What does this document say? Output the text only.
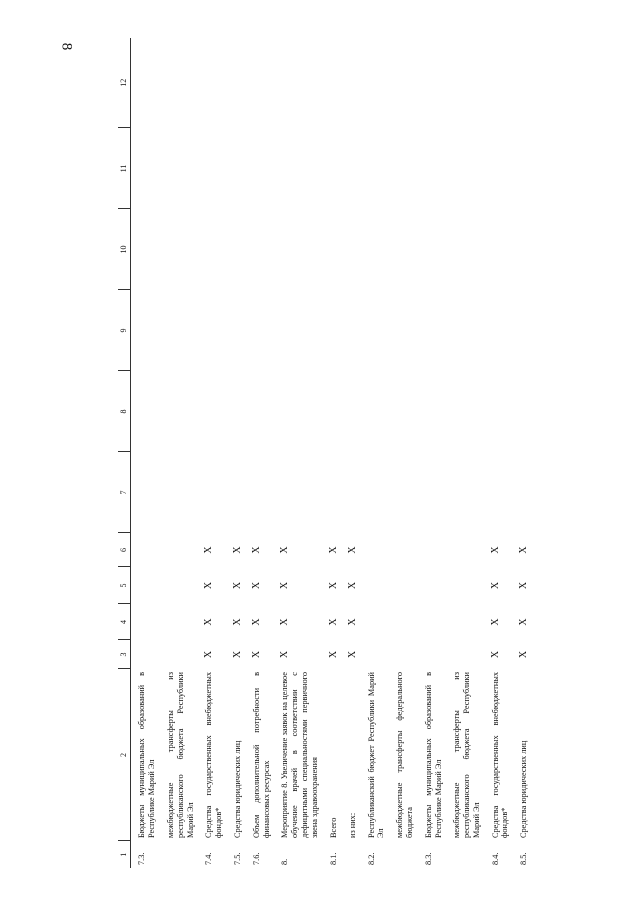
8
1	2	3	4	5	6	7	8	9	10	11	12
7.3.	Бюджеты муниципальных образований в Республике Марий Эл										
	межбюджетные трансферты из республиканского бюджета Республики Марий Эл										
7.4.	Средства государственных внебюджетных фондов*	X	X	X	X						
7.5.	Средства юридических лиц	X	X	X	X						
7.6.	Объем дополнительной потребности в финансовых ресурсах	X	X	X	X						
8.	Мероприятие 8. Увеличение заявок на целевое обучение врачей в соответствии с дефицитными специальностями первичного звена здравоохранения	X	X	X	X						
8.1.	Всего	X	X	X	X						
	из них:	X	X	X	X						
8.2.	Республиканский бюджет Республики Марий Эл										
	межбюджетные трансферты федерального бюджета										
8.3.	Бюджеты муниципальных образований в Республике Марий Эл										
	межбюджетные трансферты из республиканского бюджета Республики Марий Эл										
8.4.	Средства государственных внебюджетных фондов*	X	X	X	X						
8.5.	Средства юридических лиц	X	X	X	X						
